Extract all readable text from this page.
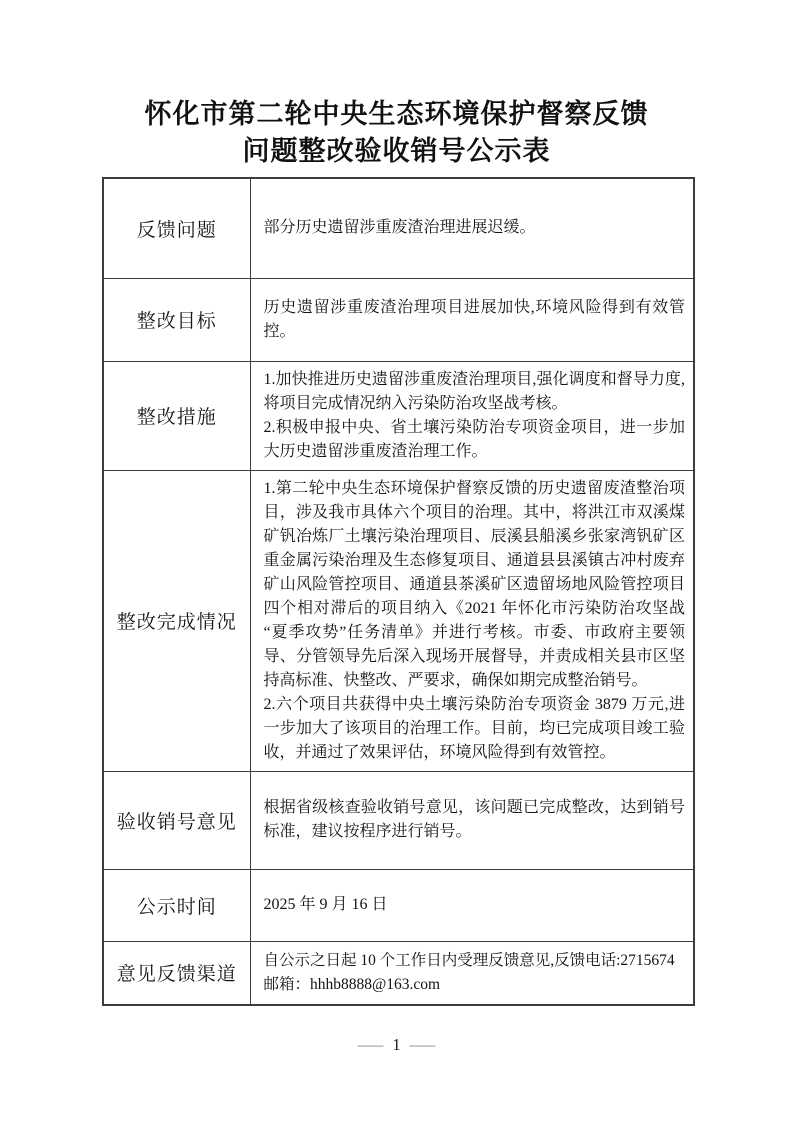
怀化市第二轮中央生态环境保护督察反馈
问题整改验收销号公示表
反馈问题	部分历史遗留涉重废渣治理进展迟缓。

整改目标	历史遗留涉重废渣治理项目进展加快,环境风险得到有效管控。

整改措施	1.加快推进历史遗留涉重废渣治理项目,强化调度和督导力度,将项目完成情况纳入污染防治攻坚战考核。

2.积极申报中央、省土壤污染防治专项资金项目，进一步加大历史遗留涉重废渣治理工作。

整改完成情况	1.第二轮中央生态环境保护督察反馈的历史遗留废渣整治项目，涉及我市具体六个项目的治理。其中，将洪江市双溪煤矿钒冶炼厂土壤污染治理项目、辰溪县船溪乡张家湾钒矿区重金属污染治理及生态修复项目、通道县县溪镇古冲村废弃矿山风险管控项目、通道县茶溪矿区遗留场地风险管控项目四个相对滞后的项目纳入《2021 年怀化市污染防治攻坚战“夏季攻势”任务清单》并进行考核。市委、市政府主要领导、分管领导先后深入现场开展督导，并责成相关县市区坚持高标准、快整改、严要求，确保如期完成整治销号。

2.六个项目共获得中央土壤污染防治专项资金 3879 万元,进一步加大了该项目的治理工作。目前，均已完成项目竣工验收，并通过了效果评估，环境风险得到有效管控。

验收销号意见	根据省级核查验收销号意见，该问题已完成整改，达到销号标准，建议按程序进行销号。

公示时间	2025 年 9 月 16 日

意见反馈渠道	自公示之日起 10 个工作日内受理反馈意见,反馈电话:2715674

邮箱：hhhb8888@163.com

— 1 —
